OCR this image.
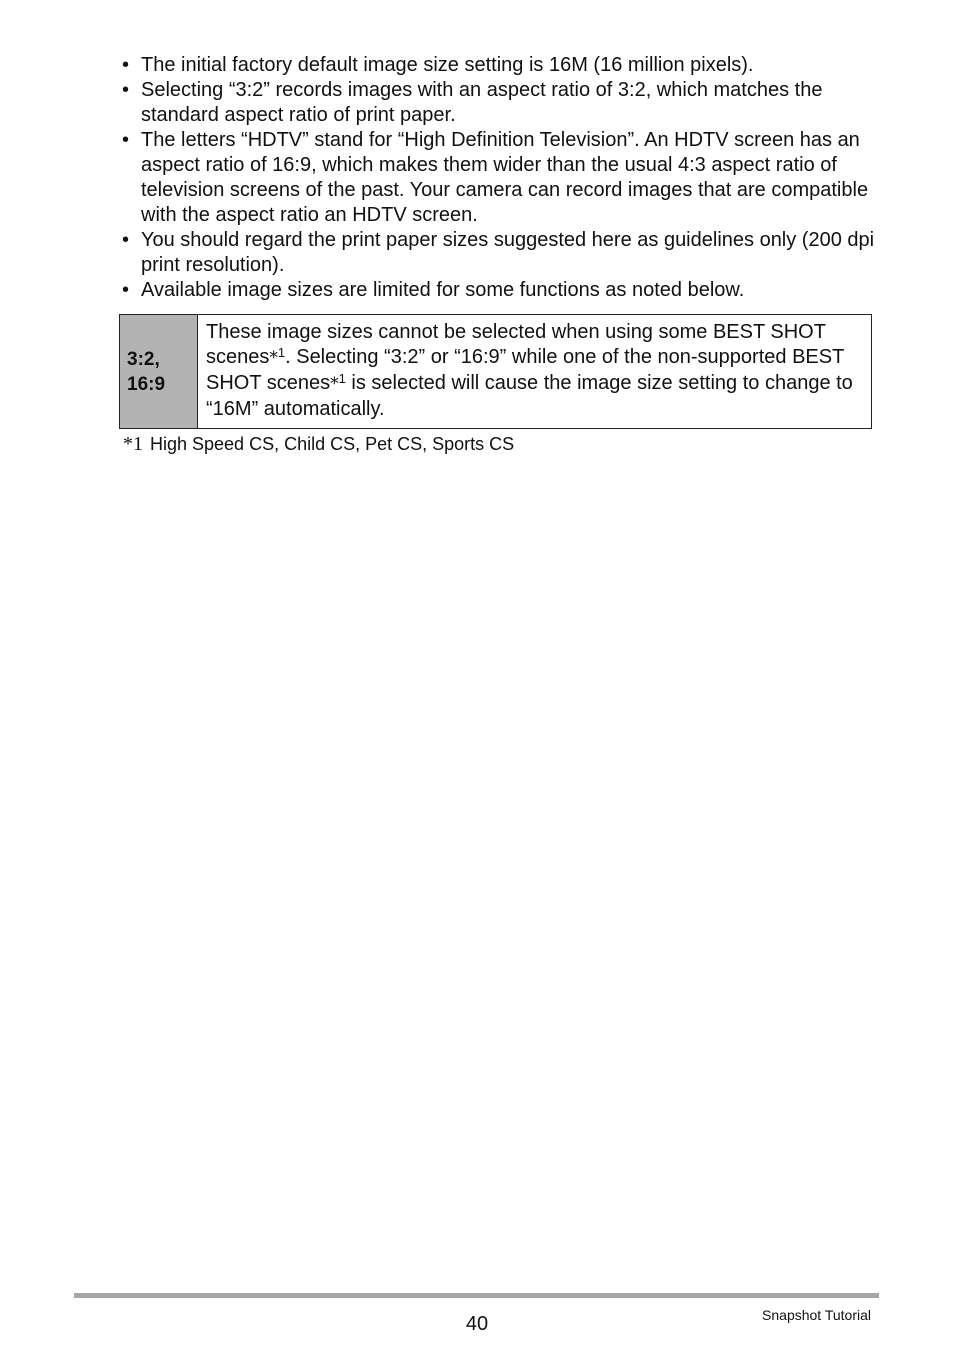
• The initial factory default image size setting is 16M (16 million pixels).
• Selecting “3:2” records images with an aspect ratio of 3:2, which matches the standard aspect ratio of print paper.
• The letters “HDTV” stand for “High Definition Television”. An HDTV screen has an aspect ratio of 16:9, which makes them wider than the usual 4:3 aspect ratio of television screens of the past. Your camera can record images that are compatible with the aspect ratio an HDTV screen.
• You should regard the print paper sizes suggested here as guidelines only (200 dpi print resolution).
• Available image sizes are limited for some functions as noted below.
3:2,
16:9	These image sizes cannot be selected when using some BEST SHOT scenes*$^1$. Selecting “3:2” or “16:9” while one of the non-supported BEST SHOT scenes*$^1$ is selected will cause the image size setting to change to “16M” automatically.
*1 High Speed CS, Child CS, Pet CS, Sports CS
40	Snapshot Tutorial
